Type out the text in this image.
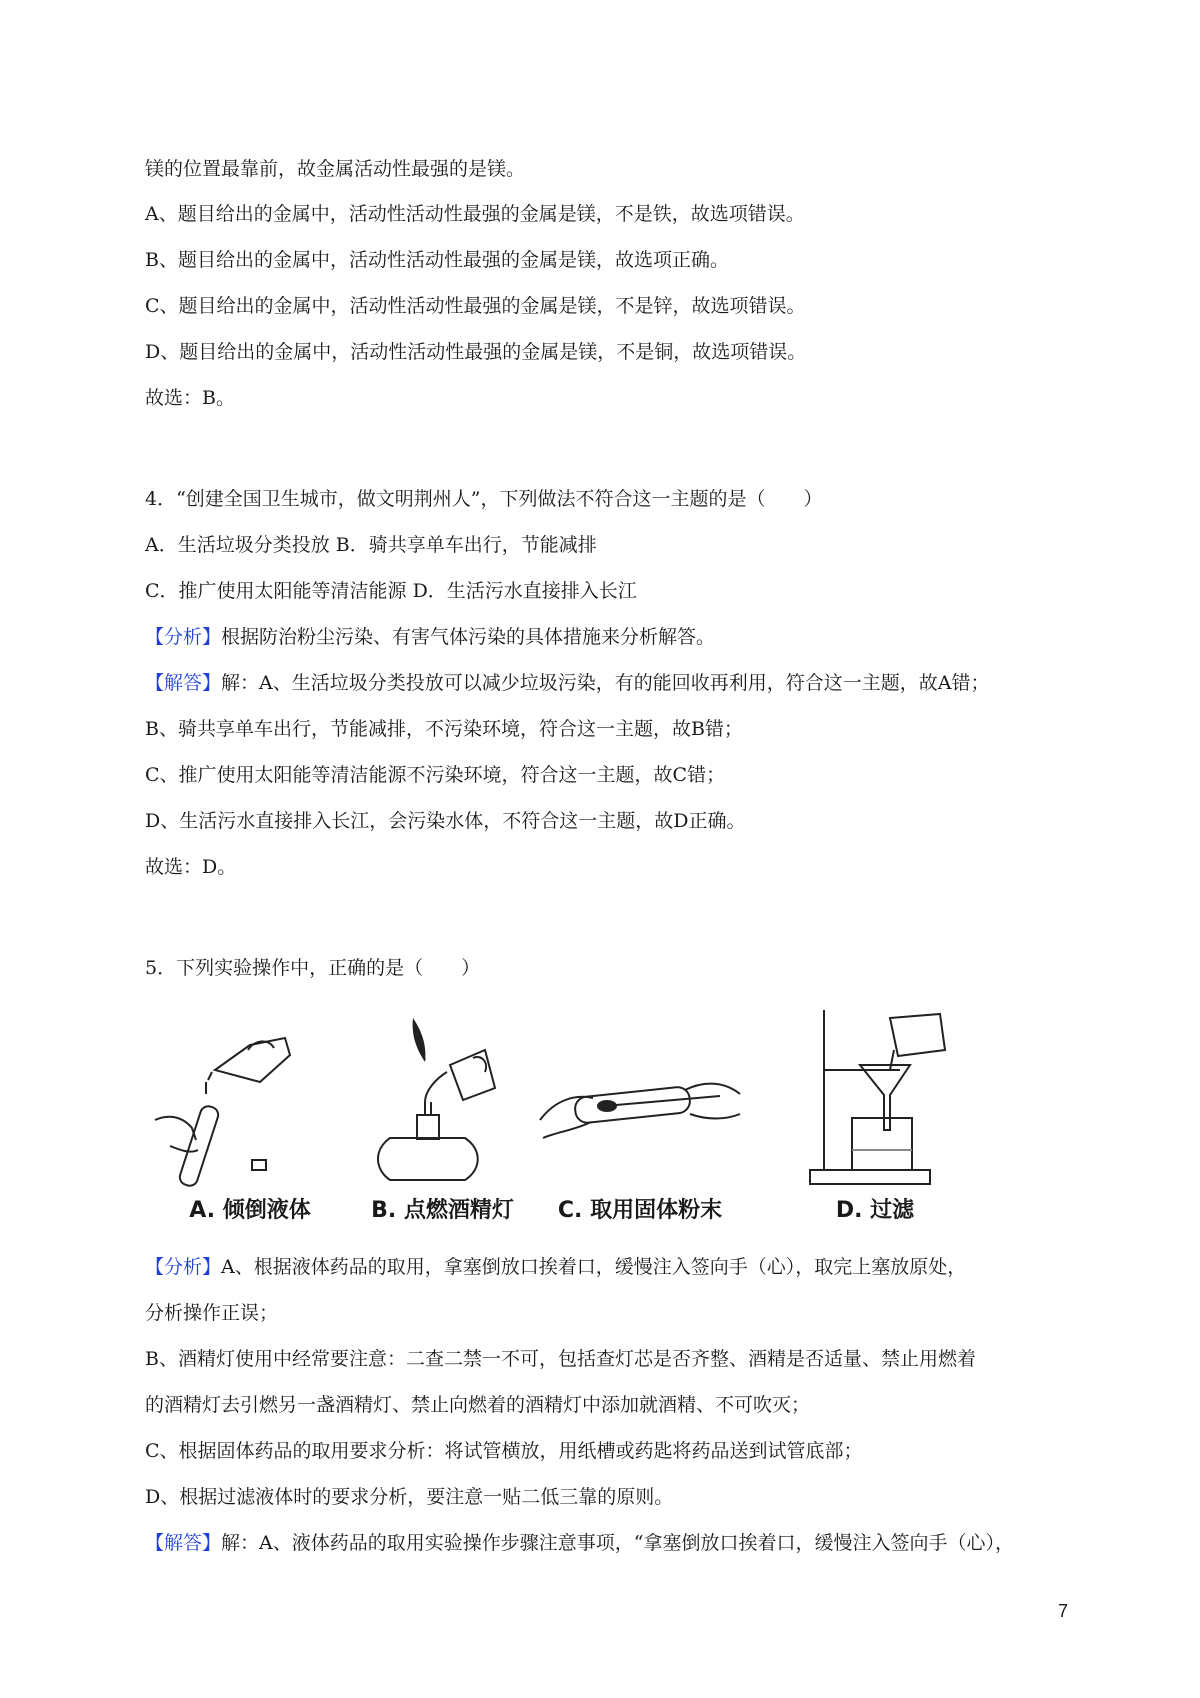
镁的位置最靠前，故金属活动性最强的是镁。
A、题目给出的金属中，活动性活动性最强的金属是镁，不是铁，故选项错误。
B、题目给出的金属中，活动性活动性最强的金属是镁，故选项正确。
C、题目给出的金属中，活动性活动性最强的金属是镁，不是锌，故选项错误。
D、题目给出的金属中，活动性活动性最强的金属是镁，不是铜，故选项错误。
故选：B。
4．“创建全国卫生城市，做文明荆州人”，下列做法不符合这一主题的是（　　）
A．生活垃圾分类投放 B．骑共享单车出行，节能减排
C．推广使用太阳能等清洁能源 D．生活污水直接排入长江
【分析】根据防治粉尘污染、有害气体污染的具体措施来分析解答。
【解答】解：A、生活垃圾分类投放可以减少垃圾污染，有的能回收再利用，符合这一主题，故A错；
B、骑共享单车出行，节能减排，不污染环境，符合这一主题，故B错；
C、推广使用太阳能等清洁能源不污染环境，符合这一主题，故C错；
D、生活污水直接排入长江，会污染水体，不符合这一主题，故D正确。
故选：D。
5．下列实验操作中，正确的是（　　）
A. 倾倒液体	B. 点燃酒精灯	C. 取用固体粉末	D. 过滤
【分析】A、根据液体药品的取用，拿塞倒放口挨着口，缓慢注入签向手（心），取完上塞放原处，
分析操作正误；
B、酒精灯使用中经常要注意：二查二禁一不可，包括查灯芯是否齐整、酒精是否适量、禁止用燃着
的酒精灯去引燃另一盏酒精灯、禁止向燃着的酒精灯中添加就酒精、不可吹灭；
C、根据固体药品的取用要求分析：将试管横放，用纸槽或药匙将药品送到试管底部；
D、根据过滤液体时的要求分析，要注意一贴二低三靠的原则。
【解答】解：A、液体药品的取用实验操作步骤注意事项，“拿塞倒放口挨着口，缓慢注入签向手（心），
7
